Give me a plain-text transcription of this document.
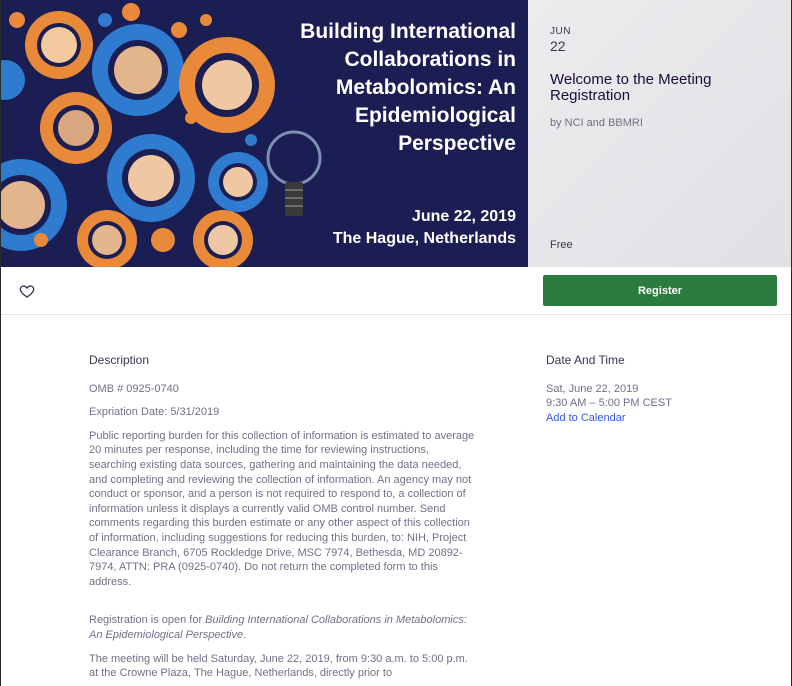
Building International Collaborations in Metabolomics: An Epidemiological Perspective
June 22, 2019
The Hague, Netherlands
JUN
22
Welcome to the Meeting Registration
by NCI and BBMRI
Free
Register
Description

OMB # 0925-0740

Expriation Date: 5/31/2019

Public reporting burden for this collection of information is estimated to average 20 minutes per response, including the time for reviewing instructions, searching existing data sources, gathering and maintaining the data needed, and completing and reviewing the collection of information. An agency may not conduct or sponsor, and a person is not required to respond to, a collection of information unless it displays a currently valid OMB control number. Send comments regarding this burden estimate or any other aspect of this collection of information, including suggestions for reducing this burden, to: NIH, Project Clearance Branch, 6705 Rockledge Drive, MSC 7974, Bethesda, MD 20892-7974, ATTN: PRA (0925-0740). Do not return the completed form to this address.

Registration is open for Building International Collaborations in Metabolomics: An Epidemiological Perspective.

The meeting will be held Saturday, June 22, 2019, from 9:30 a.m. to 5:00 p.m. at the Crowne Plaza, The Hague, Netherlands, directly prior to

Date And Time
Sat, June 22, 2019
9:30 AM – 5:00 PM CEST
Add to Calendar
